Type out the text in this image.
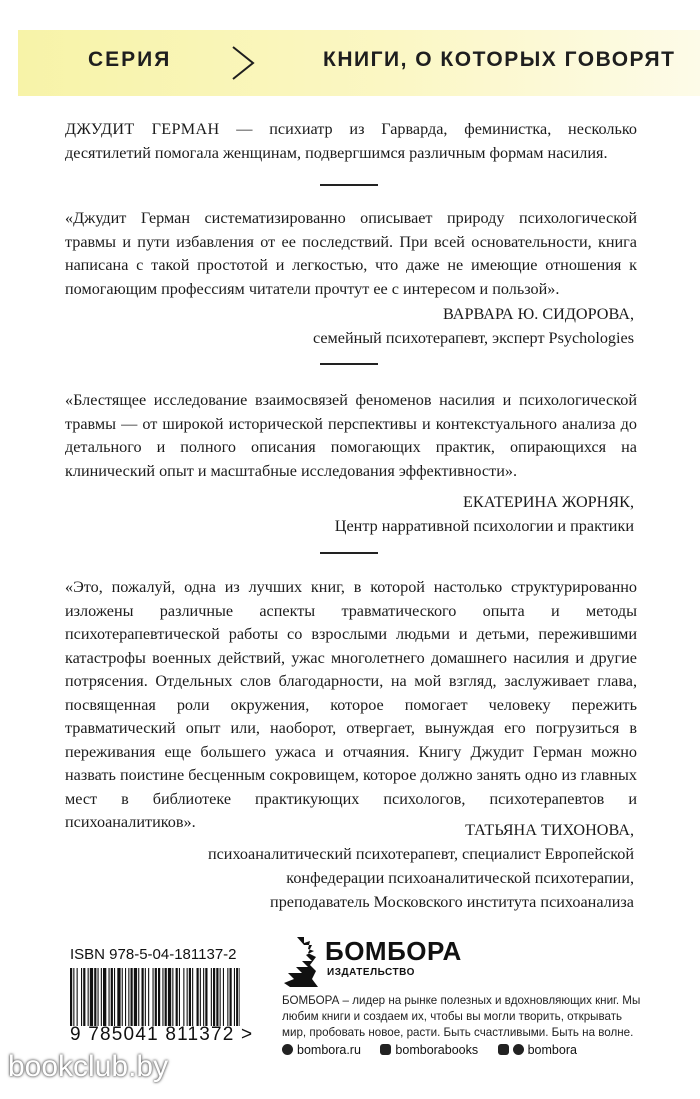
СЕРИЯ	КНИГИ, О КОТОРЫХ ГОВОРЯТ
ДЖУДИТ ГЕРМАН — психиатр из Гарварда, феминистка, несколько десятилетий помогала женщинам, подвергшимся различным формам насилия.
«Джудит Герман систематизированно описывает природу психологической травмы и пути избавления от ее последствий. При всей основательности, книга написана с такой простотой и легкостью, что даже не имеющие отношения к помогающим профессиям читатели прочтут ее с интересом и пользой».
ВАРВАРА Ю. СИДОРОВА,
семейный психотерапевт, эксперт Psychologies
«Блестящее исследование взаимосвязей феноменов насилия и психологической травмы — от широкой исторической перспективы и контекстуального анализа до детального и полного описания помогающих практик, опирающихся на клинический опыт и масштабные исследования эффективности».
ЕКАТЕРИНА ЖОРНЯК,
Центр нарративной психологии и практики
«Это, пожалуй, одна из лучших книг, в которой настолько структурированно изложены различные аспекты травматического опыта и методы психотерапевтической работы со взрослыми людьми и детьми, пережившими катастрофы военных действий, ужас многолетнего домашнего насилия и другие потрясения. Отдельных слов благодарности, на мой взгляд, заслуживает глава, посвященная роли окружения, которое помогает человеку пережить травматический опыт или, наоборот, отвергает, вынуждая его погрузиться в переживания еще большего ужаса и отчаяния. Книгу Джудит Герман можно назвать поистине бесценным сокровищем, которое должно занять одно из главных мест в библиотеке практикующих психологов, психотерапевтов и психоаналитиков».	ТАТЬЯНА ТИХОНОВА,
психоаналитический психотерапевт, специалист Европейской
конфедерации психоаналитической психотерапии,
преподаватель Московского института психоанализа
ISBN 978-5-04-181137-2
9 785041 811372 >
БОМБОРА
ИЗДАТЕЛЬСТВО
БОМБОРА – лидер на рынке полезных и вдохновляющих книг. Мы любим книги и создаем их, чтобы вы могли творить, открывать мир, пробовать новое, расти. Быть счастливыми. Быть на волне.
bombora.ru	bomborabooks	bombora
bookclub.by
